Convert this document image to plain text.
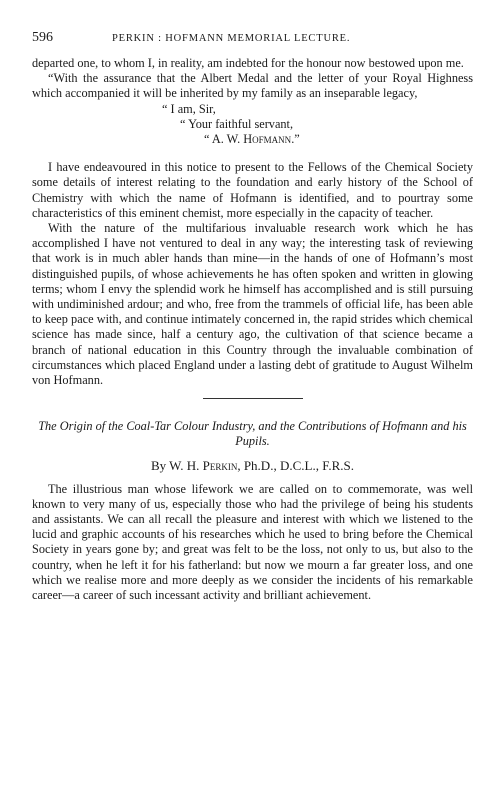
596	PERKIN : HOFMANN MEMORIAL LECTURE.

departed one, to whom I, in reality, am indebted for the honour now bestowed upon me.

“With the assurance that the Albert Medal and the letter of your Royal Highness which accompanied it will be inherited by my family as an inseparable legacy,

“ I am, Sir,
“ Your faithful servant,
“ A. W. Hofmann.”

I have endeavoured in this notice to present to the Fellows of the Chemical Society some details of interest relating to the foundation and early history of the School of Chemistry with which the name of Hofmann is identified, and to pourtray some characteristics of this eminent chemist, more especially in the capacity of teacher.

With the nature of the multifarious invaluable research work which he has accomplished I have not ventured to deal in any way; the interesting task of reviewing that work is in much abler hands than mine—in the hands of one of Hofmann’s most distinguished pupils, of whose achievements he has often spoken and written in glowing terms; whom I envy the splendid work he himself has accomplished and is still pursuing with undiminished ardour; and who, free from the trammels of official life, has been able to keep pace with, and continue intimately concerned in, the rapid strides which chemical science has made since, half a century ago, the cultivation of that science became a branch of national education in this Country through the invaluable combination of circumstances which placed England under a lasting debt of gratitude to August Wilhelm von Hofmann.

The Origin of the Coal-Tar Colour Industry, and the Contributions of Hofmann and his Pupils.

By W. H. Perkin, Ph.D., D.C.L., F.R.S.

The illustrious man whose lifework we are called on to commemorate, was well known to very many of us, especially those who had the privilege of being his students and assistants. We can all recall the pleasure and interest with which we listened to the lucid and graphic accounts of his researches which he used to bring before the Chemical Society in years gone by; and great was felt to be the loss, not only to us, but also to the country, when he left it for his fatherland: but now we mourn a far greater loss, and one which we realise more and more deeply as we consider the incidents of his remarkable career—a career of such incessant activity and brilliant achievement.
